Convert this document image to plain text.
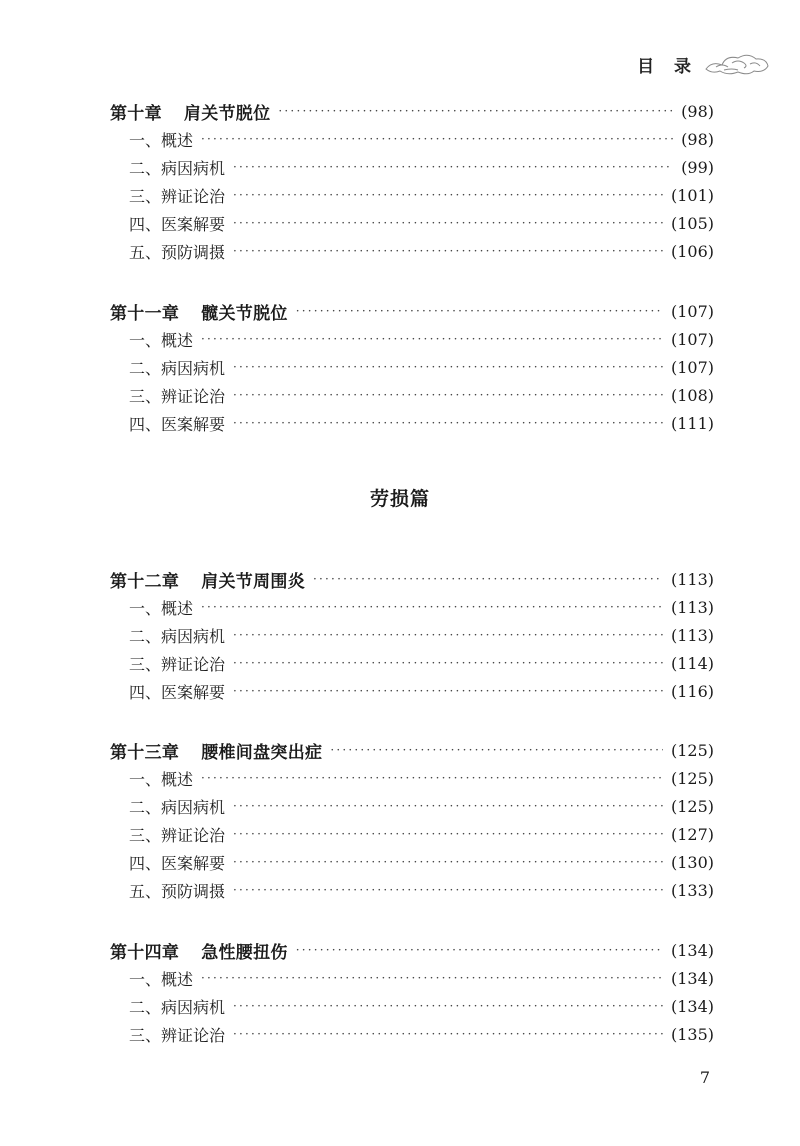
目 录
劳损篇
第十章 肩关节脱位 ·····	(98)
一、概述 ·····	(98)
二、病因病机 ·····	(99)
三、辨证论治 ·····	(101)
四、医案解要 ·····	(105)
五、预防调摄 ·····	(106)
第十一章 髋关节脱位 ·····	(107)
一、概述 ·····	(107)
二、病因病机 ·····	(107)
三、辨证论治 ·····	(108)
四、医案解要 ·····	(111)
第十二章 肩关节周围炎 ·····	(113)
一、概述 ·····	(113)
二、病因病机 ·····	(113)
三、辨证论治 ·····	(114)
四、医案解要 ·····	(116)
第十三章 腰椎间盘突出症 ·····	(125)
一、概述 ·····	(125)
二、病因病机 ·····	(125)
三、辨证论治 ·····	(127)
四、医案解要 ·····	(130)
五、预防调摄 ·····	(133)
第十四章 急性腰扭伤 ·····	(134)
一、概述 ·····	(134)
二、病因病机 ·····	(134)
三、辨证论治 ·····	(135)
7
